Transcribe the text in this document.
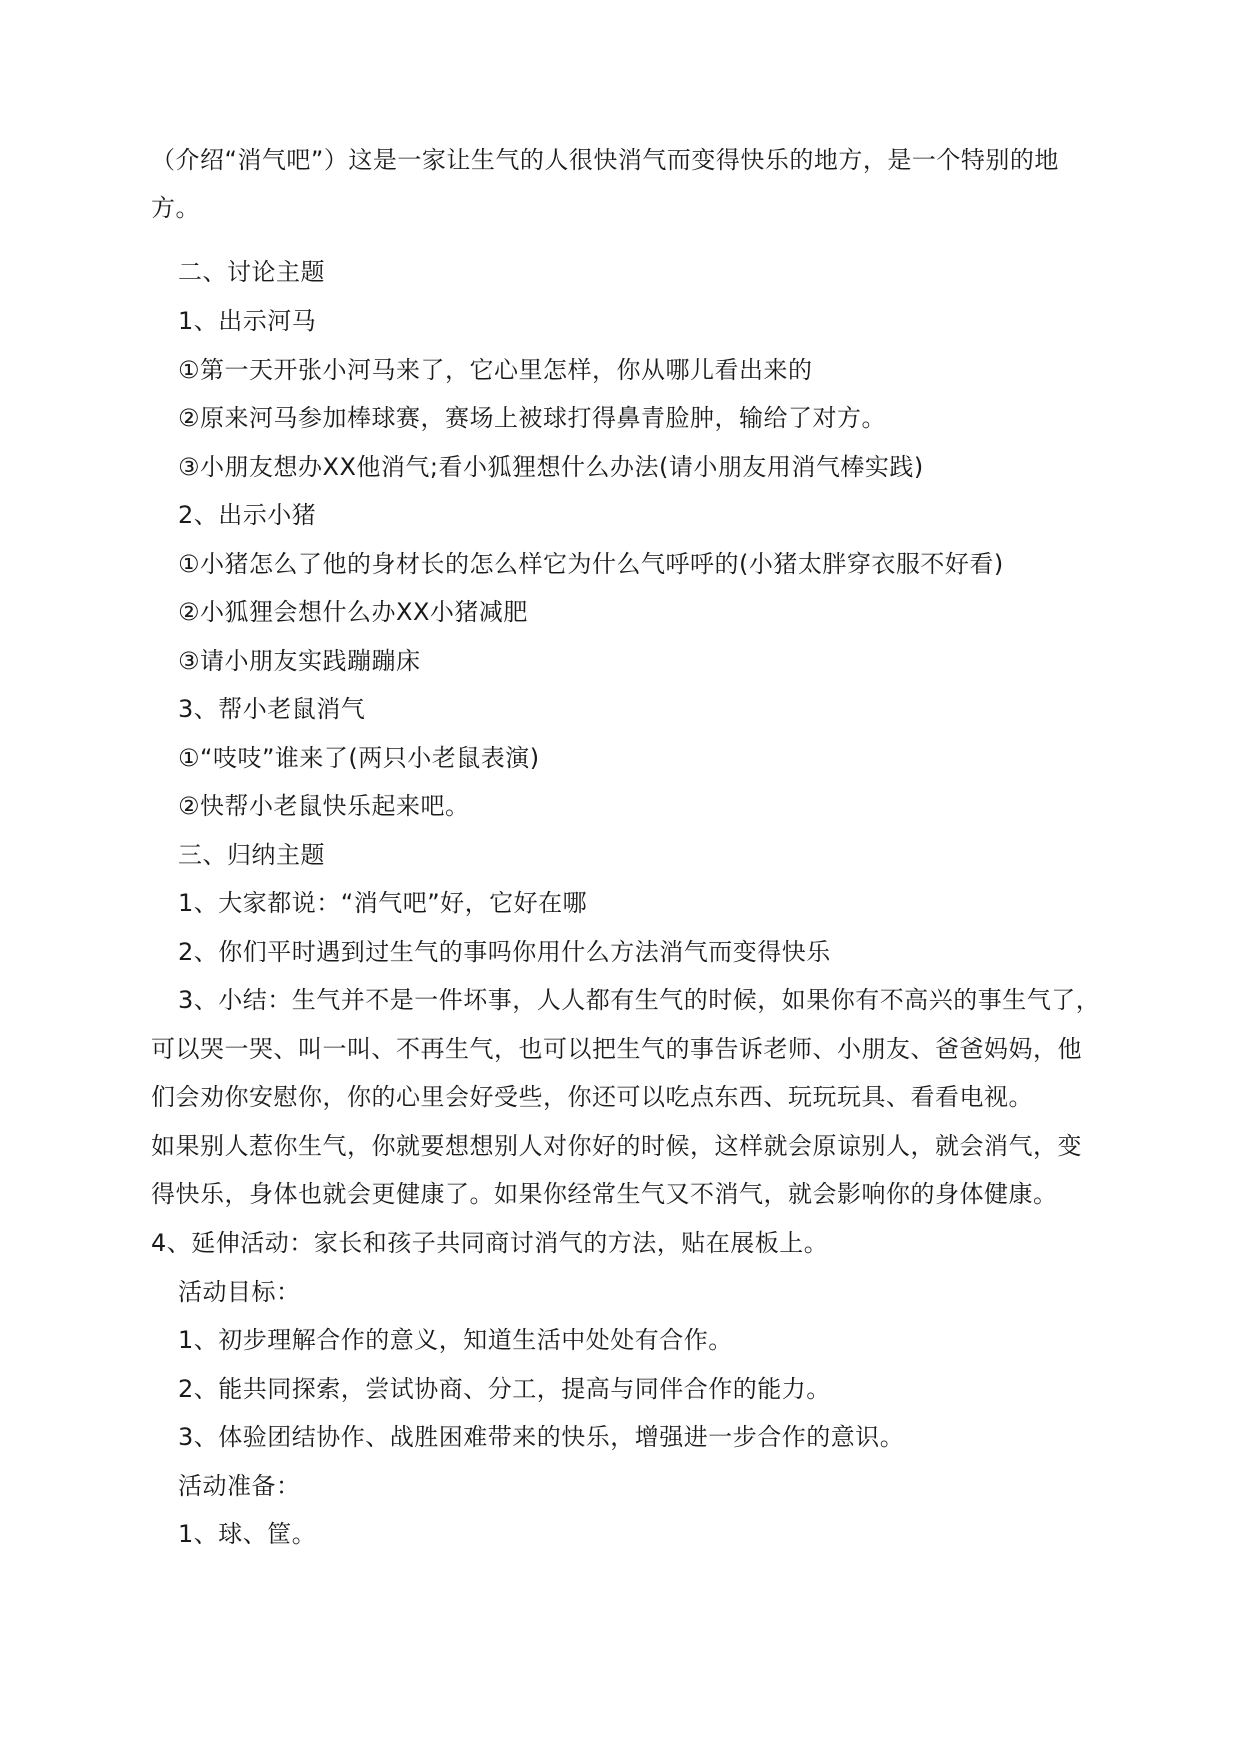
（介绍“消气吧”）这是一家让生气的人很快消气而变得快乐的地方，是一个特别的地
方。
二、讨论主题
1、出示河马
①第一天开张小河马来了，它心里怎样，你从哪儿看出来的
②原来河马参加棒球赛，赛场上被球打得鼻青脸肿，输给了对方。
③小朋友想办XX他消气;看小狐狸想什么办法(请小朋友用消气棒实践)
2、出示小猪
①小猪怎么了他的身材长的怎么样它为什么气呼呼的(小猪太胖穿衣服不好看)
②小狐狸会想什么办XX小猪减肥
③请小朋友实践蹦蹦床
3、帮小老鼠消气
①“吱吱”谁来了(两只小老鼠表演)
②快帮小老鼠快乐起来吧。
三、归纳主题
1、大家都说：“消气吧”好，它好在哪
2、你们平时遇到过生气的事吗你用什么方法消气而变得快乐
3、小结：生气并不是一件坏事，人人都有生气的时候，如果你有不高兴的事生气了，
可以哭一哭、叫一叫、不再生气，也可以把生气的事告诉老师、小朋友、爸爸妈妈，他
们会劝你安慰你，你的心里会好受些，你还可以吃点东西、玩玩玩具、看看电视。
如果别人惹你生气，你就要想想别人对你好的时候，这样就会原谅别人，就会消气，变
得快乐，身体也就会更健康了。如果你经常生气又不消气，就会影响你的身体健康。
4、延伸活动：家长和孩子共同商讨消气的方法，贴在展板上。
活动目标：
1、初步理解合作的意义，知道生活中处处有合作。
2、能共同探索，尝试协商、分工，提高与同伴合作的能力。
3、体验团结协作、战胜困难带来的快乐，增强进一步合作的意识。
活动准备：
1、球、筐。
